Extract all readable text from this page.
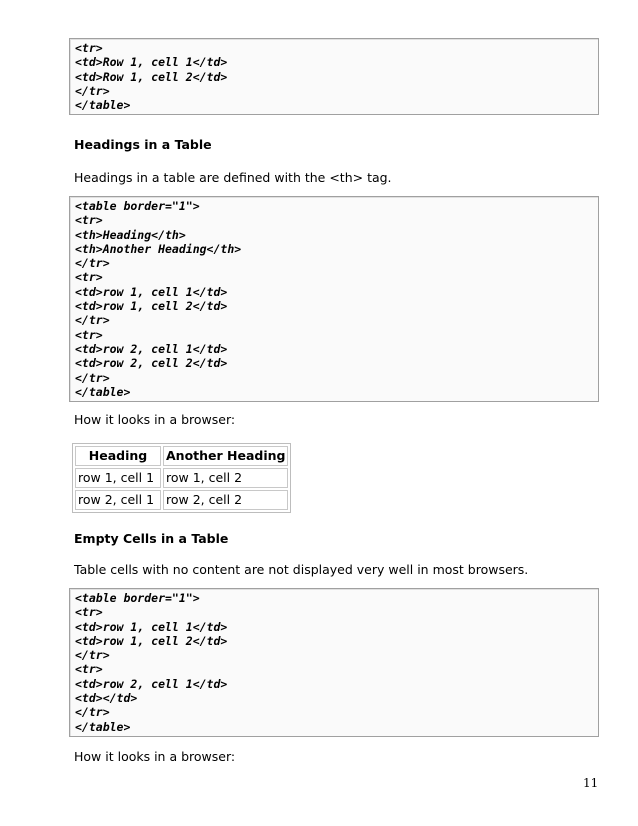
<tr>
<td>Row 1, cell 1</td>
<td>Row 1, cell 2</td>
</tr>
</table>
Headings in a Table
Headings in a table are defined with the <th> tag.
<table border="1">
<tr>
<th>Heading</th>
<th>Another Heading</th>
</tr>
<tr>
<td>row 1, cell 1</td>
<td>row 1, cell 2</td>
</tr>
<tr>
<td>row 2, cell 1</td>
<td>row 2, cell 2</td>
</tr>
</table>
How it looks in a browser:
Heading	Another Heading
row 1, cell 1	row 1, cell 2
row 2, cell 1	row 2, cell 2
Empty Cells in a Table
Table cells with no content are not displayed very well in most browsers.
<table border="1">
<tr>
<td>row 1, cell 1</td>
<td>row 1, cell 2</td>
</tr>
<tr>
<td>row 2, cell 1</td>
<td></td>
</tr>
</table>
How it looks in a browser:
11
